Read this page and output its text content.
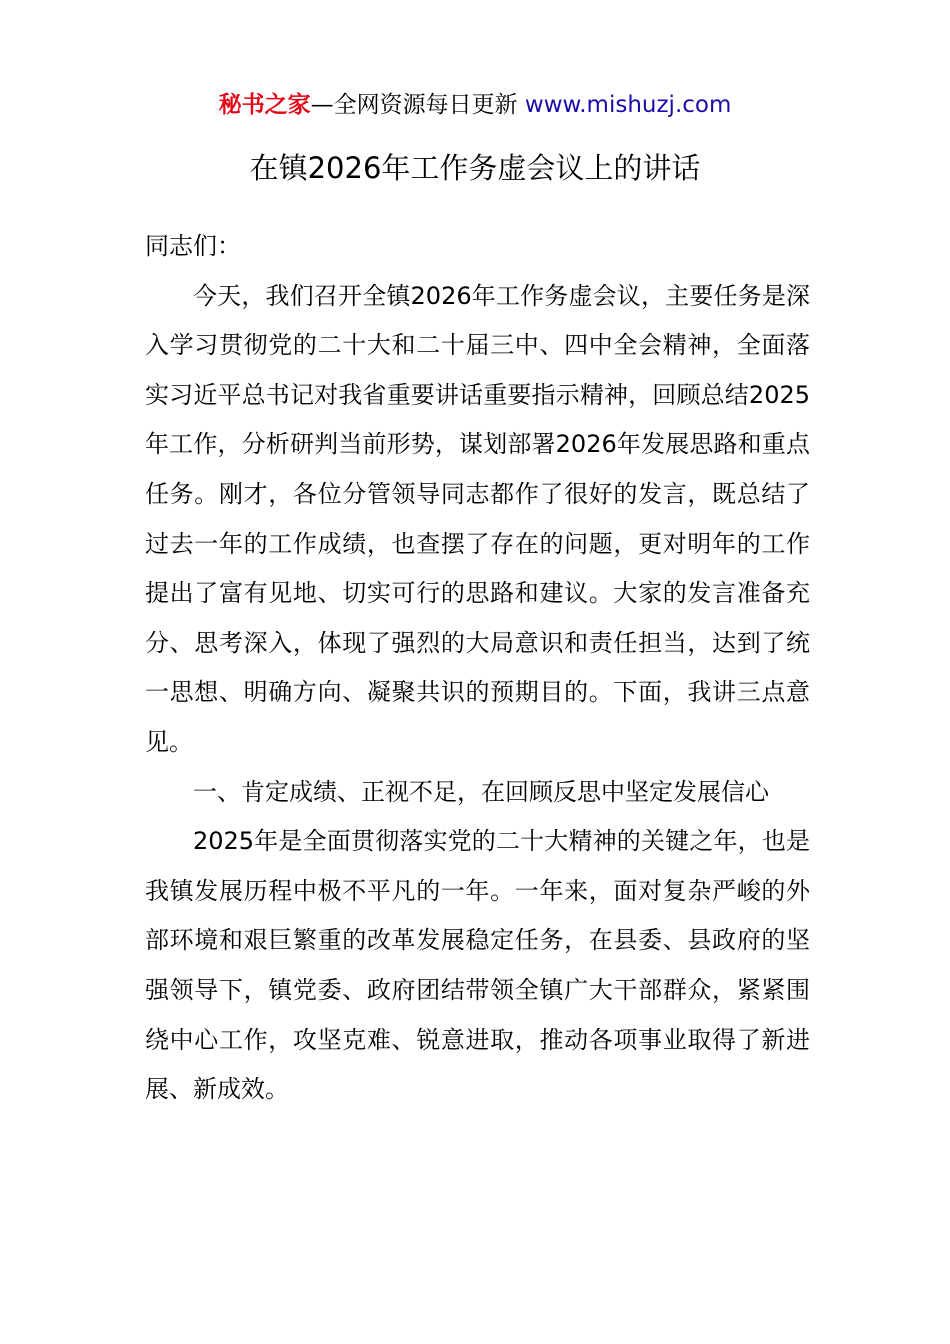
秘书之家—全网资源每日更新 www.mishuzj.com
在镇2026年工作务虚会议上的讲话

同志们：

今天，我们召开全镇2026年工作务虚会议，主要任务是深入学习贯彻党的二十大和二十届三中、四中全会精神，全面落实习近平总书记对我省重要讲话重要指示精神，回顾总结2025年工作，分析研判当前形势，谋划部署2026年发展思路和重点任务。刚才，各位分管领导同志都作了很好的发言，既总结了过去一年的工作成绩，也查摆了存在的问题，更对明年的工作提出了富有见地、切实可行的思路和建议。大家的发言准备充分、思考深入，体现了强烈的大局意识和责任担当，达到了统一思想、明确方向、凝聚共识的预期目的。下面，我讲三点意见。

一、肯定成绩、正视不足，在回顾反思中坚定发展信心

2025年是全面贯彻落实党的二十大精神的关键之年，也是我镇发展历程中极不平凡的一年。一年来，面对复杂严峻的外部环境和艰巨繁重的改革发展稳定任务，在县委、县政府的坚强领导下，镇党委、政府团结带领全镇广大干部群众，紧紧围绕中心工作，攻坚克难、锐意进取，推动各项事业取得了新进展、新成效。
